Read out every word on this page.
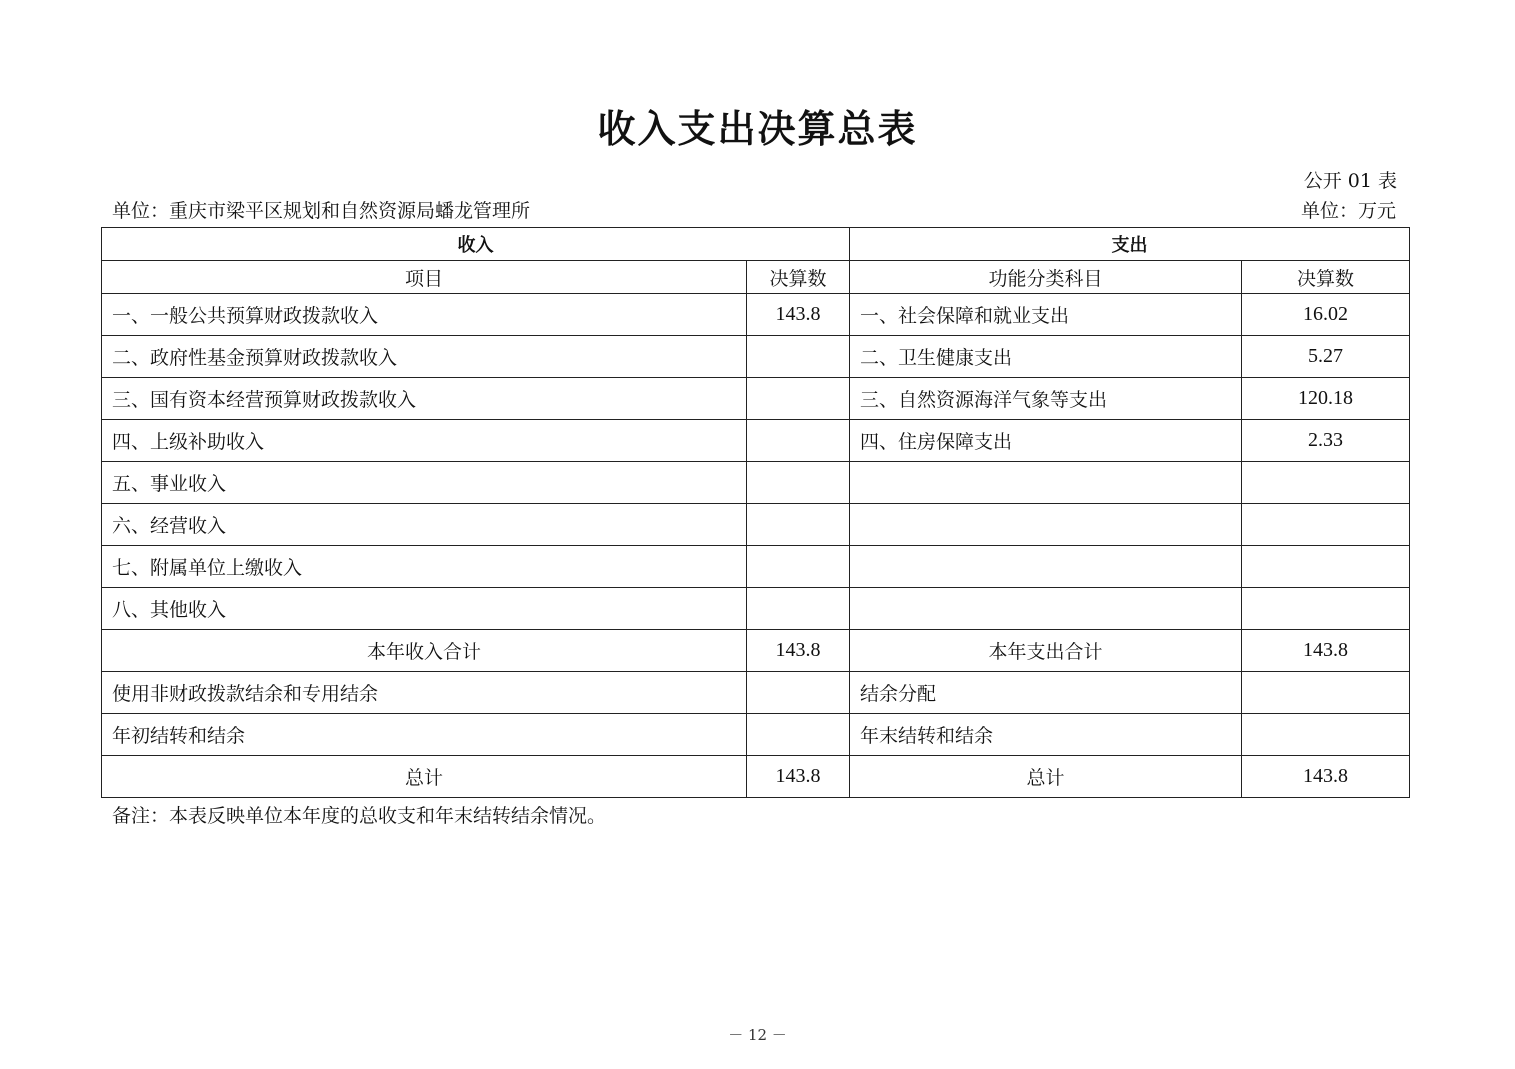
收入支出决算总表
公开 01 表
单位：重庆市梁平区规划和自然资源局蟠龙管理所	单位：万元
收入		支出	
项目	决算数	功能分类科目	决算数
一、一般公共预算财政拨款收入	143.8	一、社会保障和就业支出	16.02
二、政府性基金预算财政拨款收入		二、卫生健康支出	5.27
三、国有资本经营预算财政拨款收入		三、自然资源海洋气象等支出	120.18
四、上级补助收入		四、住房保障支出	2.33
五、事业收入			
六、经营收入			
七、附属单位上缴收入			
八、其他收入			
本年收入合计	143.8	本年支出合计	143.8
使用非财政拨款结余和专用结余		结余分配	
年初结转和结余		年末结转和结余	
总计	143.8	总计	143.8
备注：本表反映单位本年度的总收支和年末结转结余情况。
－ 12 －
